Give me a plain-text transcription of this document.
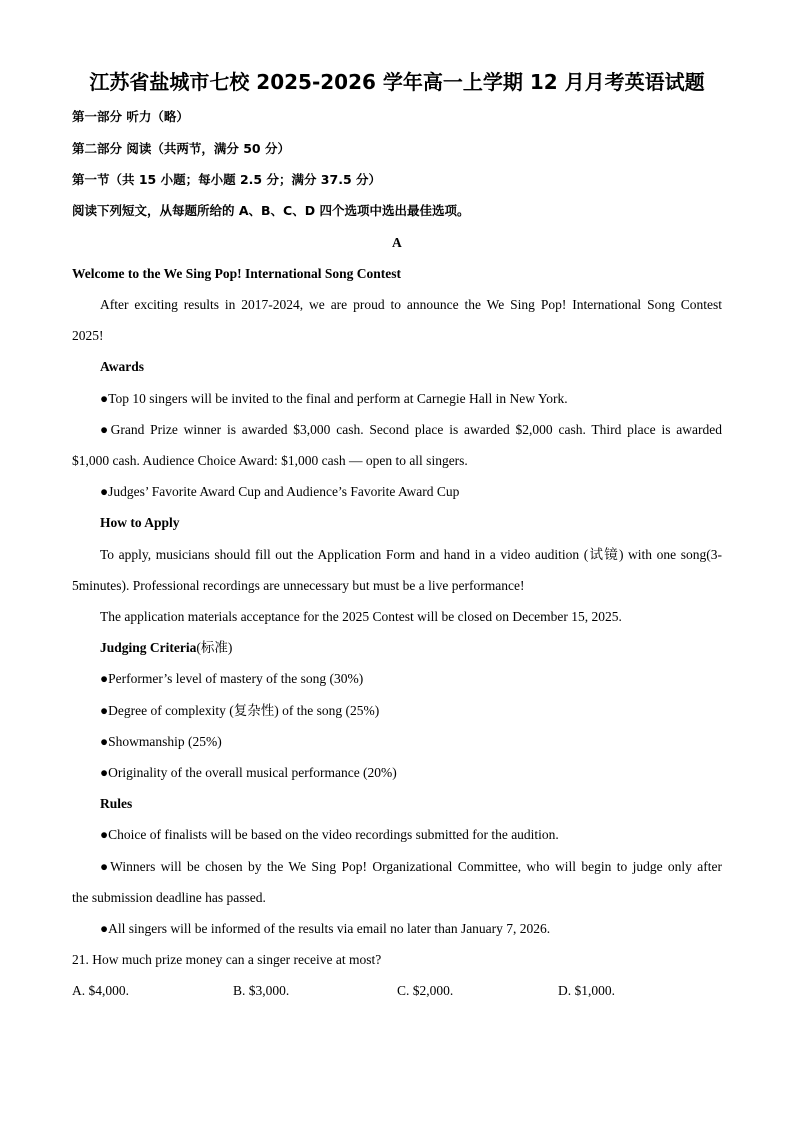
江苏省盐城市七校 2025-2026 学年高一上学期 12 月月考英语试题
第一部分 听力（略）
第二部分 阅读（共两节，满分 50 分）
第一节（共 15 小题；每小题 2.5 分；满分 37.5 分）
阅读下列短文，从每题所给的 A、B、C、D 四个选项中选出最佳选项。
A
Welcome to the We Sing Pop! International Song Contest
After exciting results in 2017-2024, we are proud to announce the We Sing Pop! International Song Contest
2025!
Awards
●Top 10 singers will be invited to the final and perform at Carnegie Hall in New York.
●Grand Prize winner is awarded $3,000 cash. Second place is awarded $2,000 cash. Third place is awarded
$1,000 cash. Audience Choice Award: $1,000 cash — open to all singers.
●Judges’ Favorite Award Cup and Audience’s Favorite Award Cup
How to Apply
To apply, musicians should fill out the Application Form and hand in a video audition (试镜) with one song(3-
5minutes). Professional recordings are unnecessary but must be a live performance!
The application materials acceptance for the 2025 Contest will be closed on December 15, 2025.
Judging Criteria(标准)
●Performer’s level of mastery of the song (30%)
●Degree of complexity (复杂性) of the song (25%)
●Showmanship (25%)
●Originality of the overall musical performance (20%)
Rules
●Choice of finalists will be based on the video recordings submitted for the audition.
●Winners will be chosen by the We Sing Pop! Organizational Committee, who will begin to judge only after
the submission deadline has passed.
●All singers will be informed of the results via email no later than January 7, 2026.
21. How much prize money can a singer receive at most?
A. $4,000.	B. $3,000.	C. $2,000.	D. $1,000.
